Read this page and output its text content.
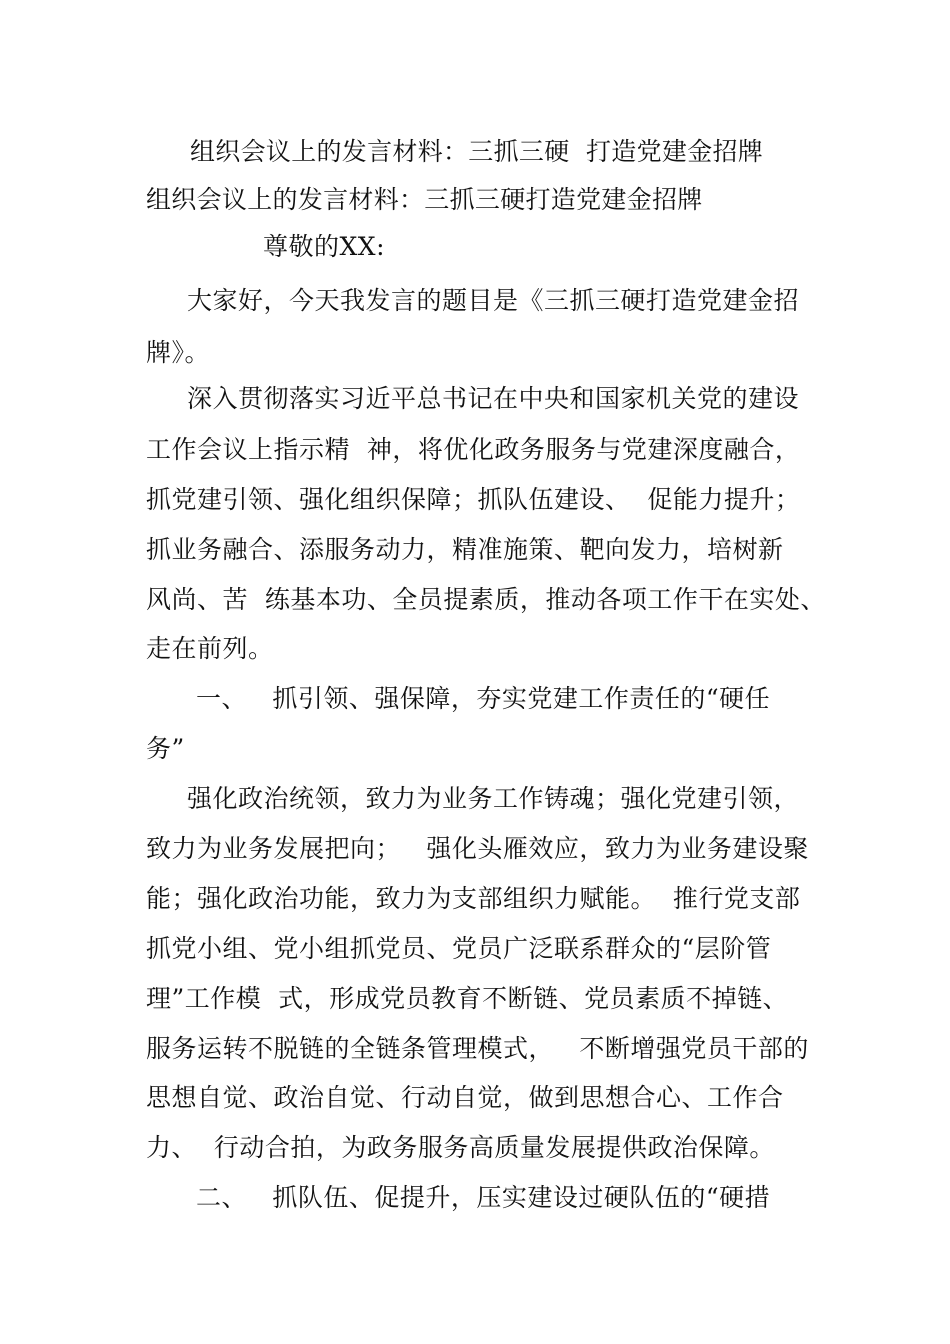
组织会议上的发言材料：三抓三硬  打造党建金招牌
组织会议上的发言材料：三抓三硬打造党建金招牌
尊敬的XX:
大家好，今天我发言的题目是《三抓三硬打造党建金招
牌》。
深入贯彻落实习近平总书记在中央和国家机关党的建设
工作会议上指示精  神，将优化政务服务与党建深度融合，
抓党建引领、强化组织保障；抓队伍建设、  促能力提升；
抓业务融合、添服务动力，精准施策、靶向发力，培树新
风尚、苦  练基本功、全员提素质，推动各项工作干在实处、
走在前列。
一、   抓引领、强保障，夯实党建工作责任的“硬任
务”
强化政治统领，致力为业务工作铸魂；强化党建引领，
致力为业务发展把向；   强化头雁效应，致力为业务建设聚
能；强化政治功能，致力为支部组织力赋能。  推行党支部
抓党小组、党小组抓党员、党员广泛联系群众的“层阶管
理”工作模  式，形成党员教育不断链、党员素质不掉链、
服务运转不脱链的全链条管理模式，   不断增强党员干部的
思想自觉、政治自觉、行动自觉，做到思想合心、工作合
力、  行动合拍，为政务服务高质量发展提供政治保障。
二、   抓队伍、促提升，压实建设过硬队伍的“硬措
